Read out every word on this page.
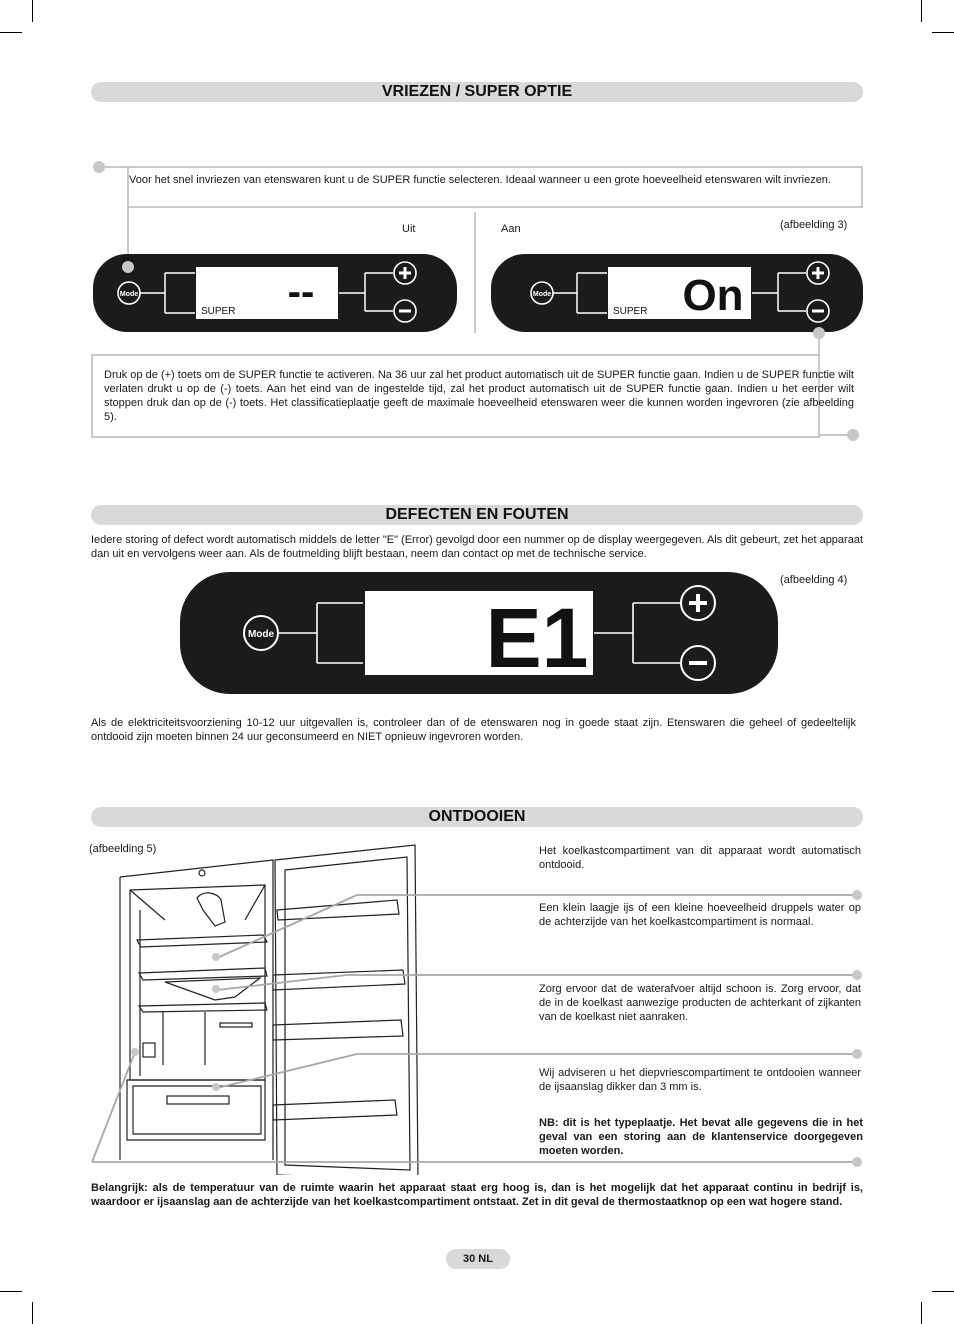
VRIEZEN / SUPER OPTIE
Voor het snel invriezen van etenswaren kunt u de SUPER functie selecteren. Ideaal wanneer u een grote hoeveelheid etenswaren wilt invriezen.
Uit	Aan	(afbeelding 3)
Mode
SUPER --	Mode
SUPER On
Druk op de (+) toets om de SUPER functie te activeren. Na 36 uur zal het product automatisch uit de SUPER functie gaan. Indien u de SUPER functie wilt verlaten drukt u op de (-) toets. Aan het eind van de ingestelde tijd, zal het product automatisch uit de SUPER functie gaan. Indien u het eerder wilt stoppen druk dan op de (-) toets. Het classificatieplaatje geeft de maximale hoeveelheid etenswaren weer die kunnen worden ingevroren (zie afbeelding 5).
DEFECTEN EN FOUTEN
Iedere storing of defect wordt automatisch middels de letter "E" (Error) gevolgd door een nummer op de display weergegeven. Als dit gebeurt, zet het apparaat dan uit en vervolgens weer aan. Als de foutmelding blijft bestaan, neem dan contact op met de technische service.
(afbeelding 4)
Mode	E1
Als de elektriciteitsvoorziening 10-12 uur uitgevallen is, controleer dan of de etenswaren nog in goede staat zijn. Etenswaren die geheel of gedeeltelijk ontdooid zijn moeten binnen 24 uur geconsumeerd en NIET opnieuw ingevroren worden.
ONTDOOIEN
(afbeelding 5)	Het koelkastcompartiment van dit apparaat wordt automatisch ontdooid.
Een klein laagje ijs of een kleine hoeveelheid druppels water op de achterzijde van het koelkastcompartiment is normaal.
Zorg ervoor dat de waterafvoer altijd schoon is. Zorg ervoor, dat de in de koelkast aanwezige producten de achterkant of zijkanten van de koelkast niet aanraken.
Wij adviseren u het diepvriescompartiment te ontdooien wanneer de ijsaanslag dikker dan 3 mm is.
NB: dit is het typeplaatje. Het bevat alle gegevens die in het geval van een storing aan de klantenservice doorgegeven moeten worden.
Belangrijk: als de temperatuur van de ruimte waarin het apparaat staat erg hoog is, dan is het mogelijk dat het apparaat continu in bedrijf is, waardoor er ijsaanslag aan de achterzijde van het koelkastcompartiment ontstaat. Zet in dit geval de thermostaatknop op een wat hogere stand.
30 NL
